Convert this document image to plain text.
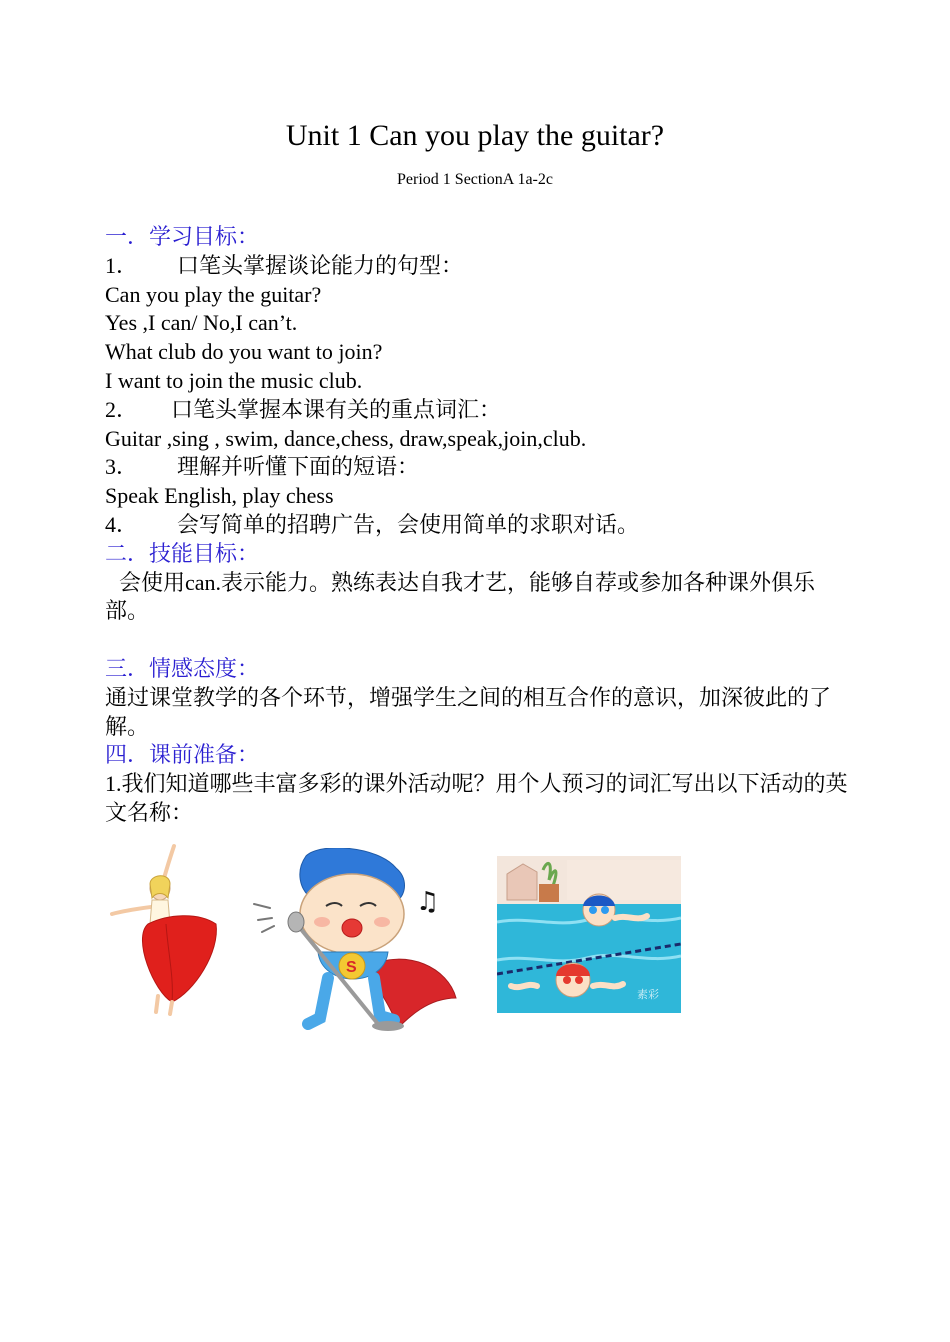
Unit 1 Can you play the guitar?
Period 1 SectionA 1a-2c
一．学习目标：
1． 口笔头掌握谈论能力的句型：
Can you play the guitar?
Yes ,I can/ No,I can’t.
What club do you want to join?
I want to join the music club.
2． 口笔头掌握本课有关的重点词汇：
Guitar ,sing , swim, dance,chess, draw,speak,join,club.
3． 理解并听懂下面的短语：
Speak English, play chess
4． 会写简单的招聘广告，会使用简单的求职对话。
二．技能目标：
会使用can.表示能力。熟练表达自我才艺，能够自荐或参加各种课外俱乐部。
三．情感态度：
通过课堂教学的各个环节，增强学生之间的相互合作的意识，加深彼此的了解。
四．课前准备：
1.我们知道哪些丰富多彩的课外活动呢？用个人预习的词汇写出以下活动的英文名称：
S
♫
素彩
